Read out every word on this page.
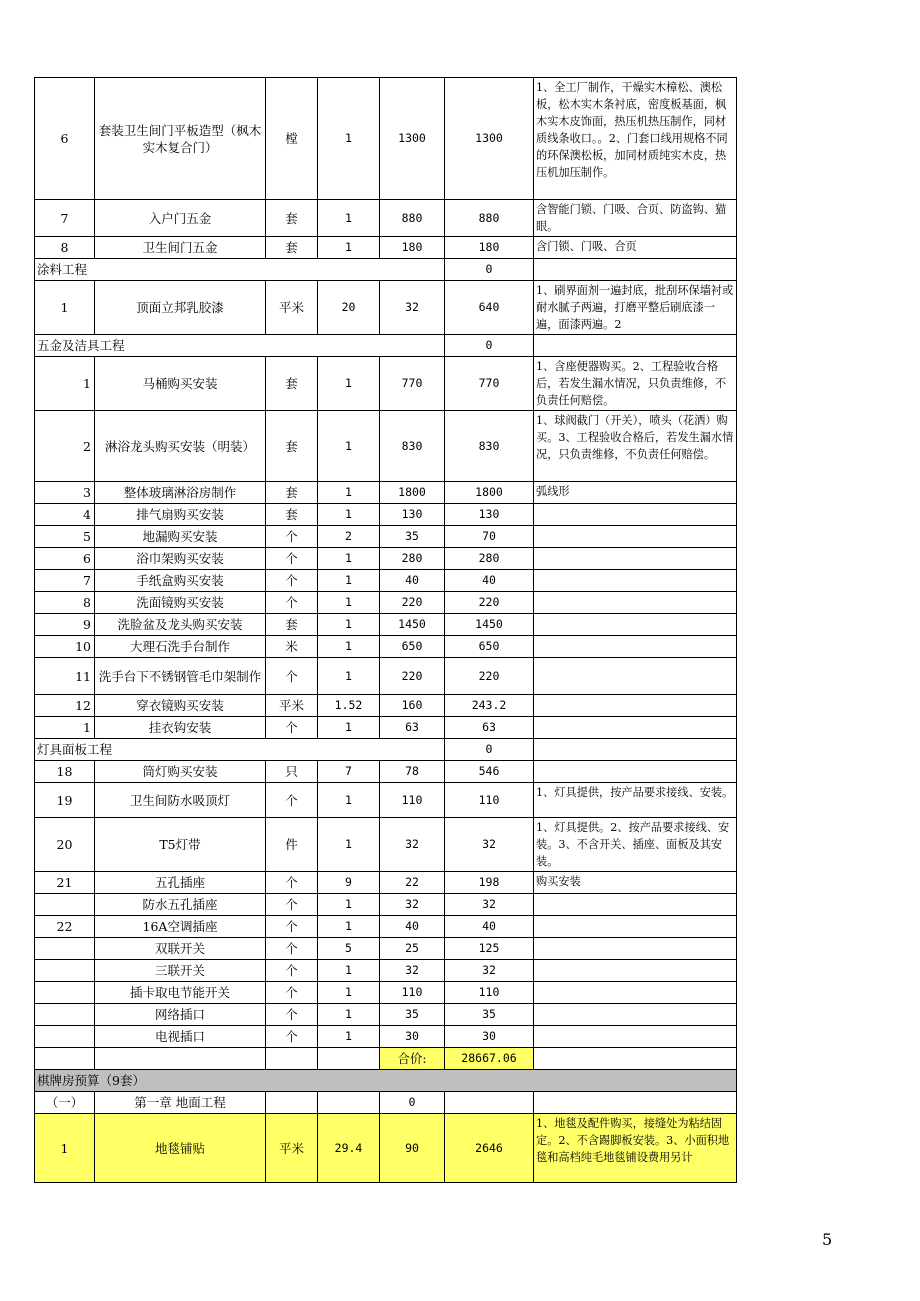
6	套装卫生间门平板造型（枫木实木复合门）	樘	1	1300	1300	1、全工厂制作，干燥实木樟松、澳松板，松木实木条衬底，密度板基面，枫木实木皮饰面，热压机热压制作，同材质线条收口。。2、门套口线用规格不同的环保澳松板，加同材质纯实木皮，热压机加压制作。
7	入户门五金	套	1	880	880	含智能门锁、门吸、合页、防盗钩、猫眼。
8	卫生间门五金	套	1	180	180	含门锁、门吸、合页
涂料工程					0	
1	顶面立邦乳胶漆	平米	20	32	640	1、刷界面剂一遍封底，批刮环保墙衬或耐水腻子两遍，打磨平整后刷底漆一遍，面漆两遍。2
五金及洁具工程					0	
1	马桶购买安装	套	1	770	770	1、含座便器购买。2、工程验收合格后，若发生漏水情况，只负责维修，不负责任何赔偿。
2	淋浴龙头购买安装（明装）	套	1	830	830	1、球阀截门（开关），喷头（花洒）购买。3、工程验收合格后，若发生漏水情况，只负责维修，不负责任何赔偿。
3	整体玻璃淋浴房制作	套	1	1800	1800	弧线形
4	排气扇购买安装	套	1	130	130	
5	地漏购买安装	个	2	35	70	
6	浴巾架购买安装	个	1	280	280	
7	手纸盒购买安装	个	1	40	40	
8	洗面镜购买安装	个	1	220	220	
9	洗脸盆及龙头购买安装	套	1	1450	1450	
10	大理石洗手台制作	米	1	650	650	
11	洗手台下不锈钢管毛巾架制作	个	1	220	220	
12	穿衣镜购买安装	平米	1.52	160	243.2	
1	挂衣钩安装	个	1	63	63	
灯具面板工程					0	
18	筒灯购买安装	只	7	78	546	
19	卫生间防水吸顶灯	个	1	110	110	1、灯具提供，按产品要求接线、安装。
20	T5灯带	件	1	32	32	1、灯具提供。2、按产品要求接线、安装。3、不含开关、插座、面板及其安装。
21	五孔插座	个	9	22	198	购买安装
	防水五孔插座	个	1	32	32	
22	16A空调插座	个	1	40	40	
	双联开关	个	5	25	125	
	三联开关	个	1	32	32	
	插卡取电节能开关	个	1	110	110	
	网络插口	个	1	35	35	
	电视插口	个	1	30	30	
				合价:	28667.06	
棋牌房预算（9套）						
（一）	第一章 地面工程			0		
1	地毯铺贴	平米	29.4	90	2646	1、地毯及配件购买，接缝处为粘结固定。2、不含踢脚板安装。3、小面积地毯和高档纯毛地毯铺设费用另计
5
